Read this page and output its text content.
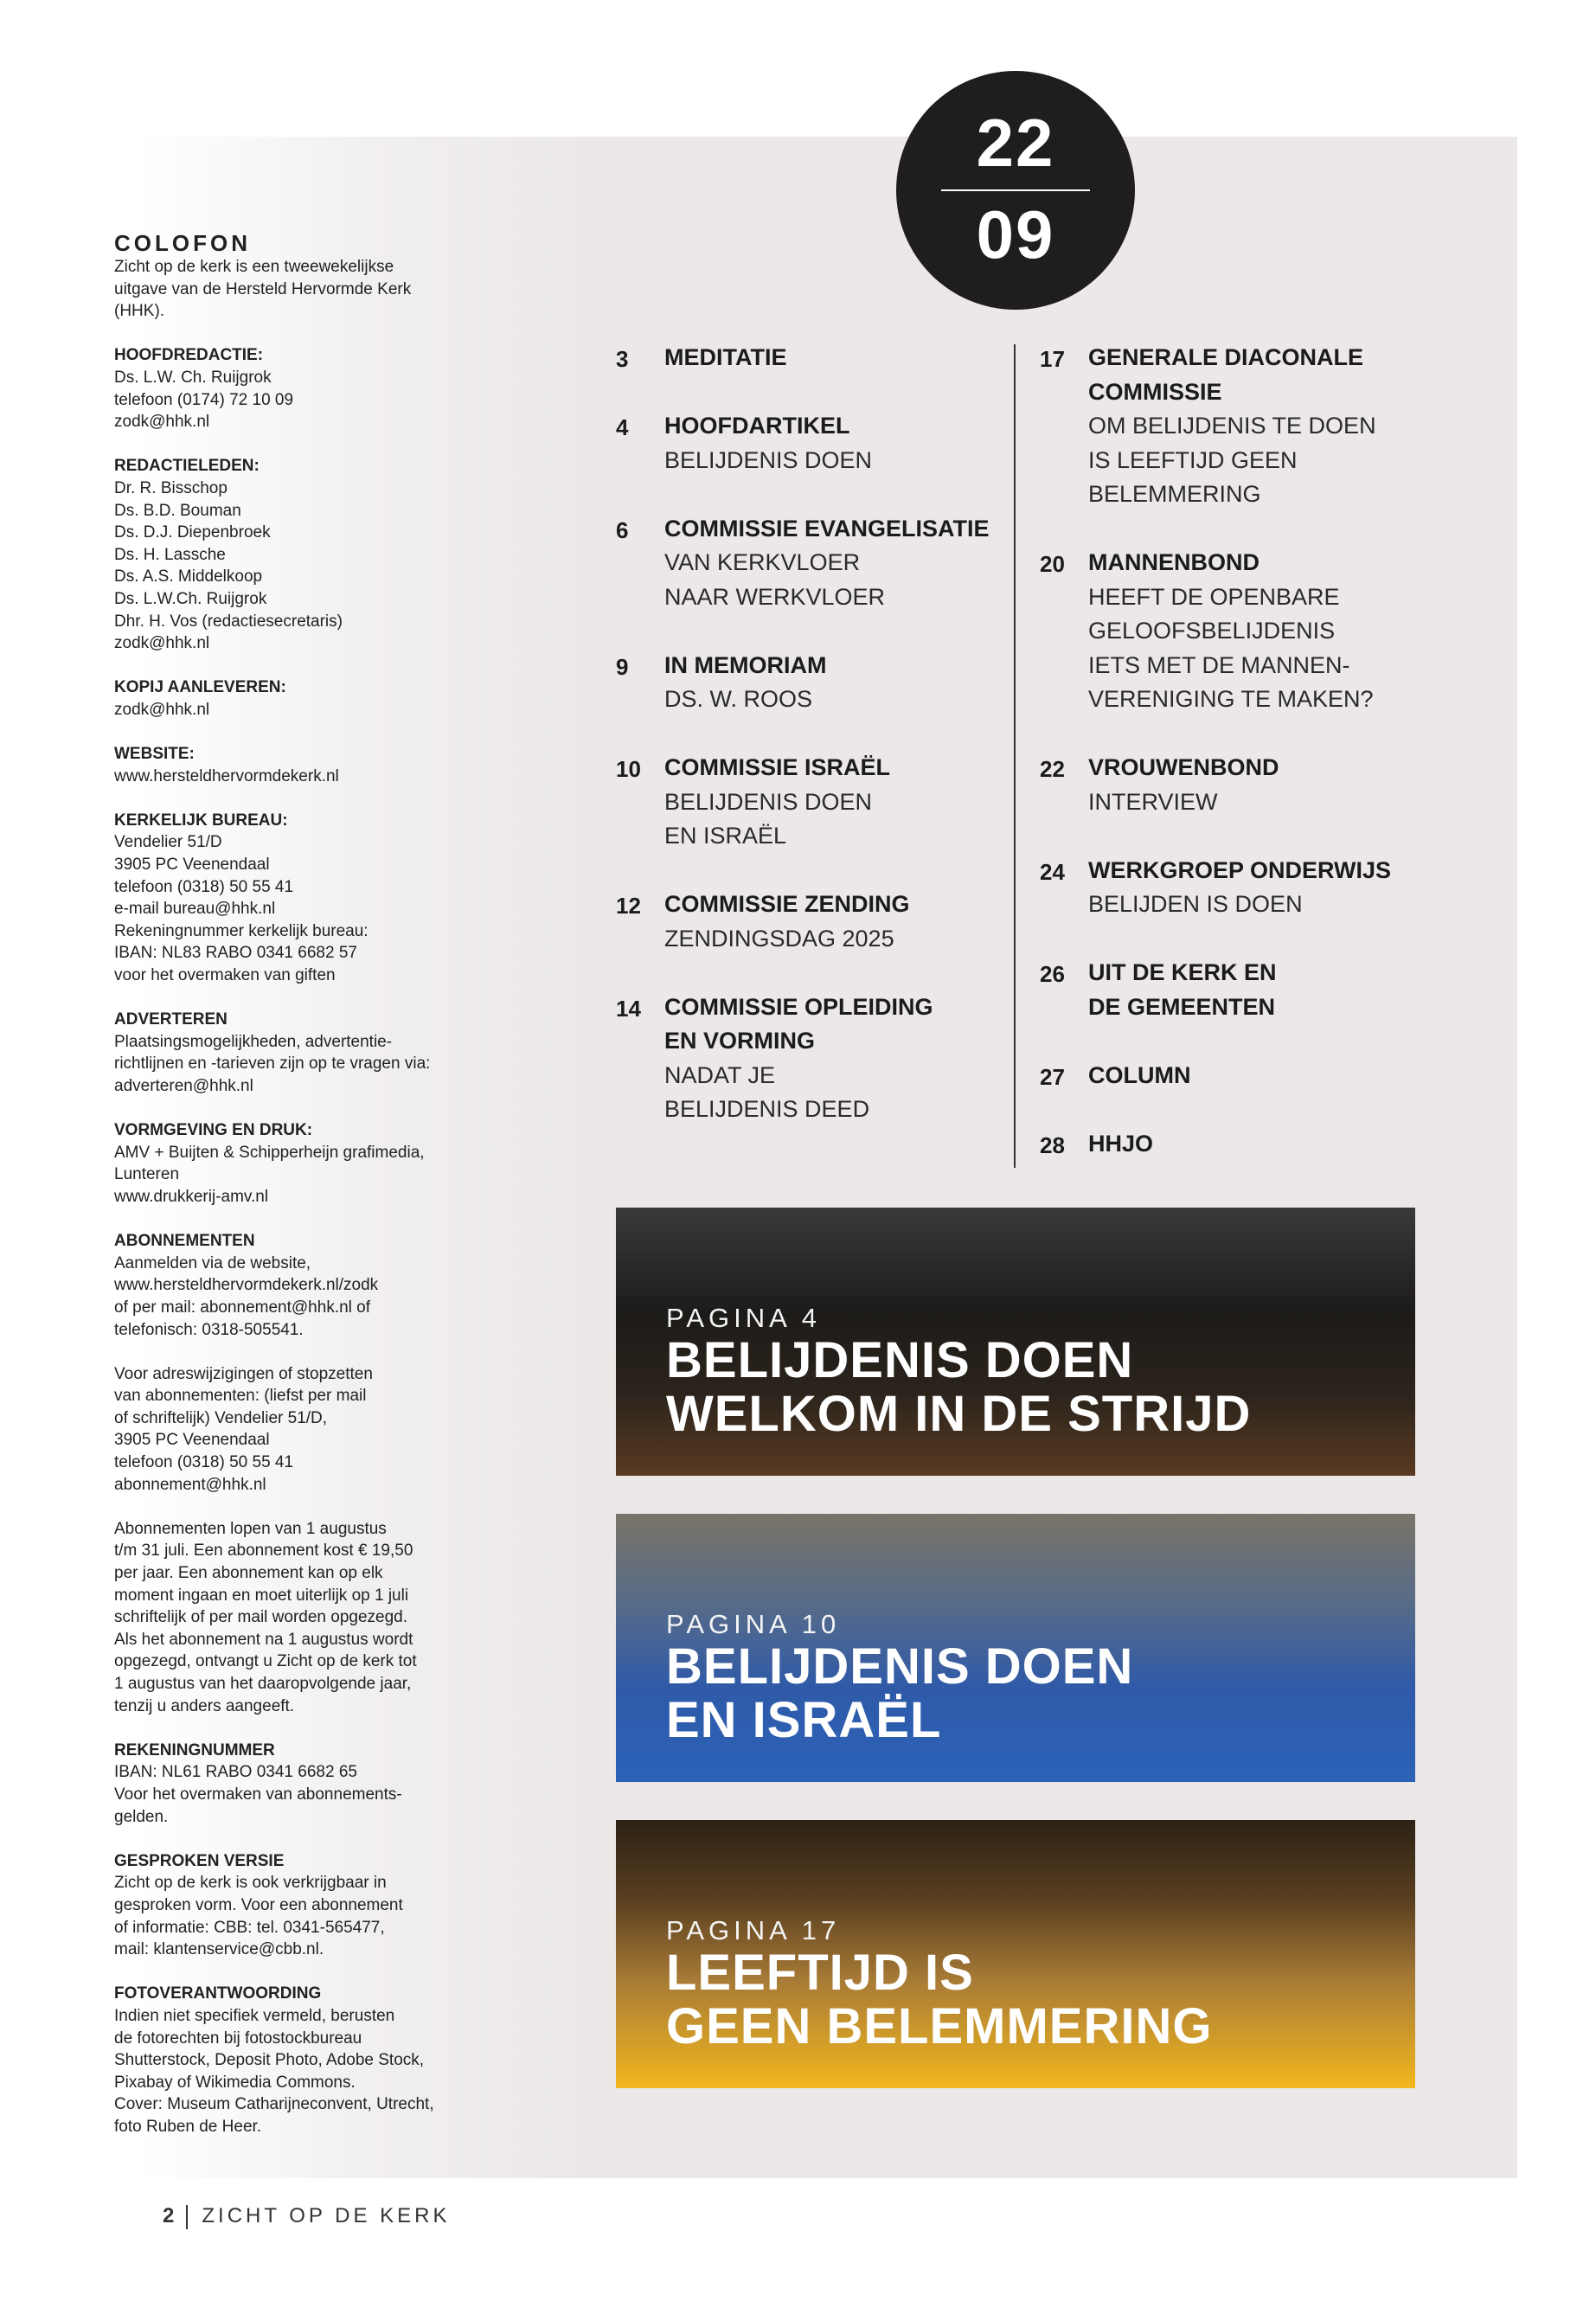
22
09
COLOFON
Zicht op de kerk is een tweewekelijkse
uitgave van de Hersteld Hervormde Kerk
(HHK).
HOOFDREDACTIE:
Ds. L.W. Ch. Ruijgrok
telefoon (0174) 72 10 09
zodk@hhk.nl
REDACTIELEDEN:
Dr. R. Bisschop
Ds. B.D. Bouman
Ds. D.J. Diepenbroek
Ds. H. Lassche
Ds. A.S. Middelkoop
Ds. L.W.Ch. Ruijgrok
Dhr. H. Vos (redactiesecretaris)
zodk@hhk.nl
KOPIJ AANLEVEREN:
zodk@hhk.nl
WEBSITE:
www.hersteldhervormdekerk.nl
KERKELIJK BUREAU:
Vendelier 51/D
3905 PC Veenendaal
telefoon (0318) 50 55 41
e-mail bureau@hhk.nl
Rekeningnummer kerkelijk bureau:
IBAN: NL83 RABO 0341 6682 57
voor het overmaken van giften
ADVERTEREN
Plaatsingsmogelijkheden, advertentie-
richtlijnen en -tarieven zijn op te vragen via:
adverteren@hhk.nl
VORMGEVING EN DRUK:
AMV + Buijten & Schipperheijn grafimedia,
Lunteren
www.drukkerij-amv.nl
ABONNEMENTEN
Aanmelden via de website,
www.hersteldhervormdekerk.nl/zodk
of per mail: abonnement@hhk.nl of
telefonisch: 0318-505541.
Voor adreswijzigingen of stopzetten
van abonnementen: (liefst per mail
of schriftelijk) Vendelier 51/D,
3905 PC Veenendaal
telefoon (0318) 50 55 41
abonnement@hhk.nl
Abonnementen lopen van 1 augustus
t/m 31 juli. Een abonnement kost € 19,50
per jaar. Een abonnement kan op elk
moment ingaan en moet uiterlijk op 1 juli
schriftelijk of per mail worden opgezegd.
Als het abonnement na 1 augustus wordt
opgezegd, ontvangt u Zicht op de kerk tot
1 augustus van het daaropvolgende jaar,
tenzij u anders aangeeft.
REKENINGNUMMER
IBAN: NL61 RABO 0341 6682 65
Voor het overmaken van abonnements-
gelden.
GESPROKEN VERSIE
Zicht op de kerk is ook verkrijgbaar in
gesproken vorm. Voor een abonnement
of informatie: CBB: tel. 0341-565477,
mail: klantenservice@cbb.nl.
FOTOVERANTWOORDING
Indien niet specifiek vermeld, berusten
de fotorechten bij fotostockbureau
Shutterstock, Deposit Photo, Adobe Stock,
Pixabay of Wikimedia Commons.
Cover: Museum Catharijneconvent, Utrecht,
foto Ruben de Heer.
3	MEDITATIE
4	HOOFDARTIKEL
BELIJDENIS DOEN
6	COMMISSIE EVANGELISATIE
VAN KERKVLOER
NAAR WERKVLOER
9	IN MEMORIAM
DS. W. ROOS
10	COMMISSIE ISRAËL
BELIJDENIS DOEN
EN ISRAËL
12	COMMISSIE ZENDING
ZENDINGSDAG 2025
14	COMMISSIE OPLEIDING
EN VORMING
NADAT JE
BELIJDENIS DEED
17	GENERALE DIACONALE
COMMISSIE
OM BELIJDENIS TE DOEN
IS LEEFTIJD GEEN
BELEMMERING
20	MANNENBOND
HEEFT DE OPENBARE
GELOOFSBELIJDENIS
IETS MET DE MANNEN-
VERENIGING TE MAKEN?
22	VROUWENBOND
INTERVIEW
24	WERKGROEP ONDERWIJS
BELIJDEN IS DOEN
26	UIT DE KERK EN
DE GEMEENTEN
27	COLUMN
28	HHJO
PAGINA 4
BELIJDENIS DOEN
WELKOM IN DE STRIJD
PAGINA 10
BELIJDENIS DOEN
EN ISRAËL
PAGINA 17
LEEFTIJD IS
GEEN BELEMMERING
2 ZICHT OP DE KERK
